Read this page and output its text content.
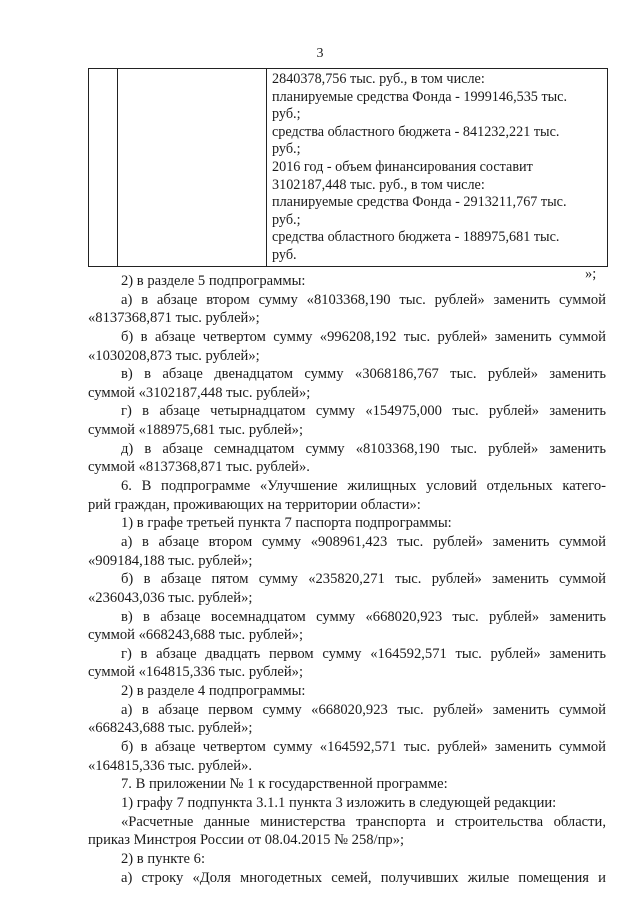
3

2840378,756 тыс. руб., в том числе:
планируемые средства Фонда - 1999146,535 тыс.
руб.;
средства областного бюджета - 841232,221 тыс.
руб.;
2016 год - объем финансирования составит
3102187,448 тыс. руб., в том числе:
планируемые средства Фонда - 2913211,767 тыс.
руб.;
средства областного бюджета - 188975,681 тыс.
руб.
»;
2) в разделе 5 подпрограммы:
а) в абзаце втором сумму «8103368,190 тыс. рублей» заменить суммой
«8137368,871 тыс. рублей»;
б) в абзаце четвертом сумму «996208,192 тыс. рублей» заменить суммой
«1030208,873 тыс. рублей»;
в) в абзаце двенадцатом сумму «3068186,767 тыс. рублей» заменить
суммой «3102187,448 тыс. рублей»;
г) в абзаце четырнадцатом сумму «154975,000 тыс. рублей» заменить
суммой «188975,681 тыс. рублей»;
д) в абзаце семнадцатом сумму «8103368,190 тыс. рублей» заменить
суммой «8137368,871 тыс. рублей».
6. В подпрограмме «Улучшение жилищных условий отдельных катего-
рий граждан, проживающих на территории области»:
1) в графе третьей пункта 7 паспорта подпрограммы:
а) в абзаце втором сумму «908961,423 тыс. рублей» заменить суммой
«909184,188 тыс. рублей»;
б) в абзаце пятом сумму «235820,271 тыс. рублей» заменить суммой
«236043,036 тыс. рублей»;
в) в абзаце восемнадцатом сумму «668020,923 тыс. рублей» заменить
суммой «668243,688 тыс. рублей»;
г) в абзаце двадцать первом сумму «164592,571 тыс. рублей» заменить
суммой «164815,336 тыс. рублей»;
2) в разделе 4 подпрограммы:
а) в абзаце первом сумму «668020,923 тыс. рублей» заменить суммой
«668243,688 тыс. рублей»;
б) в абзаце четвертом сумму «164592,571 тыс. рублей» заменить суммой
«164815,336 тыс. рублей».
7. В приложении № 1 к государственной программе:
1) графу 7 подпункта 3.1.1 пункта 3 изложить в следующей редакции:
«Расчетные данные министерства транспорта и строительства области,
приказ Минстроя России от 08.04.2015 № 258/пр»;
2) в пункте 6:
а) строку «Доля многодетных семей, получивших жилые помещения и
